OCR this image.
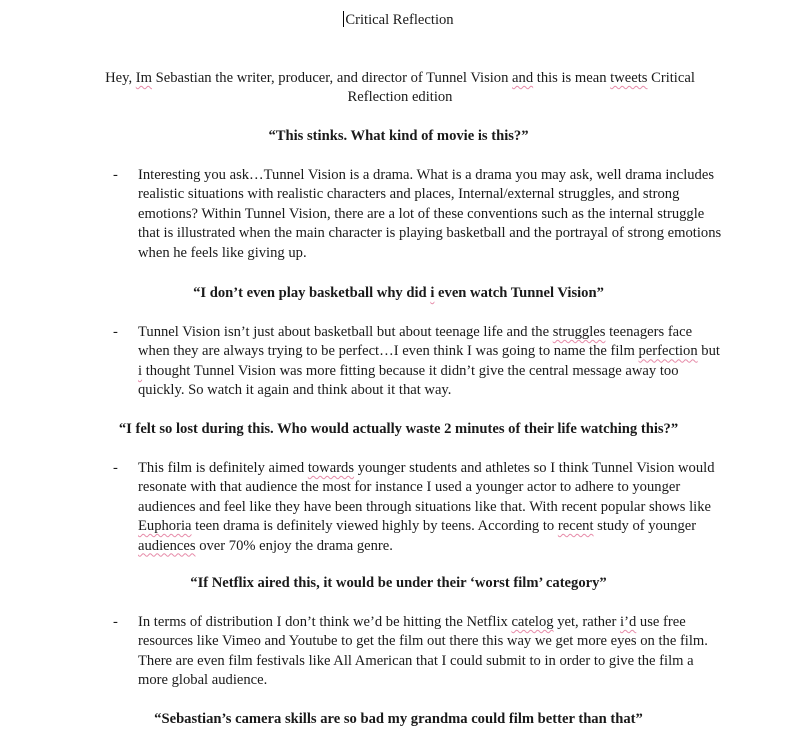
Critical Reflection
Hey, Im Sebastian the writer, producer, and director of Tunnel Vision and this is mean tweets Critical Reflection edition
“This stinks. What kind of movie is this?”
-	Interesting you ask…Tunnel Vision is a drama. What is a drama you may ask, well drama includes realistic situations with realistic characters and places, Internal/external struggles, and strong emotions? Within Tunnel Vision, there are a lot of these conventions such as the internal struggle that is illustrated when the main character is playing basketball and the portrayal of strong emotions when he feels like giving up.
“I don’t even play basketball why did i even watch Tunnel Vision”
-	Tunnel Vision isn’t just about basketball but about teenage life and the struggles teenagers face when they are always trying to be perfect…I even think I was going to name the film perfection but i thought Tunnel Vision was more fitting because it didn’t give the central message away too quickly. So watch it again and think about it that way.
“I felt so lost during this. Who would actually waste 2 minutes of their life watching this?”
-	This film is definitely aimed towards younger students and athletes so I think Tunnel Vision would resonate with that audience the most for instance I used a younger actor to adhere to younger audiences and feel like they have been through situations like that. With recent popular shows like Euphoria teen drama is definitely viewed highly by teens. According to recent study of younger audiences over 70% enjoy the drama genre.
“If Netflix aired this, it would be under their ‘worst film’ category”
-	In terms of distribution I don’t think we’d be hitting the Netflix catelog yet, rather i’d use free resources like Vimeo and Youtube to get the film out there this way we get more eyes on the film. There are even film festivals like All American that I could submit to in order to give the film a more global audience.
“Sebastian’s camera skills are so bad my grandma could film better than that”
